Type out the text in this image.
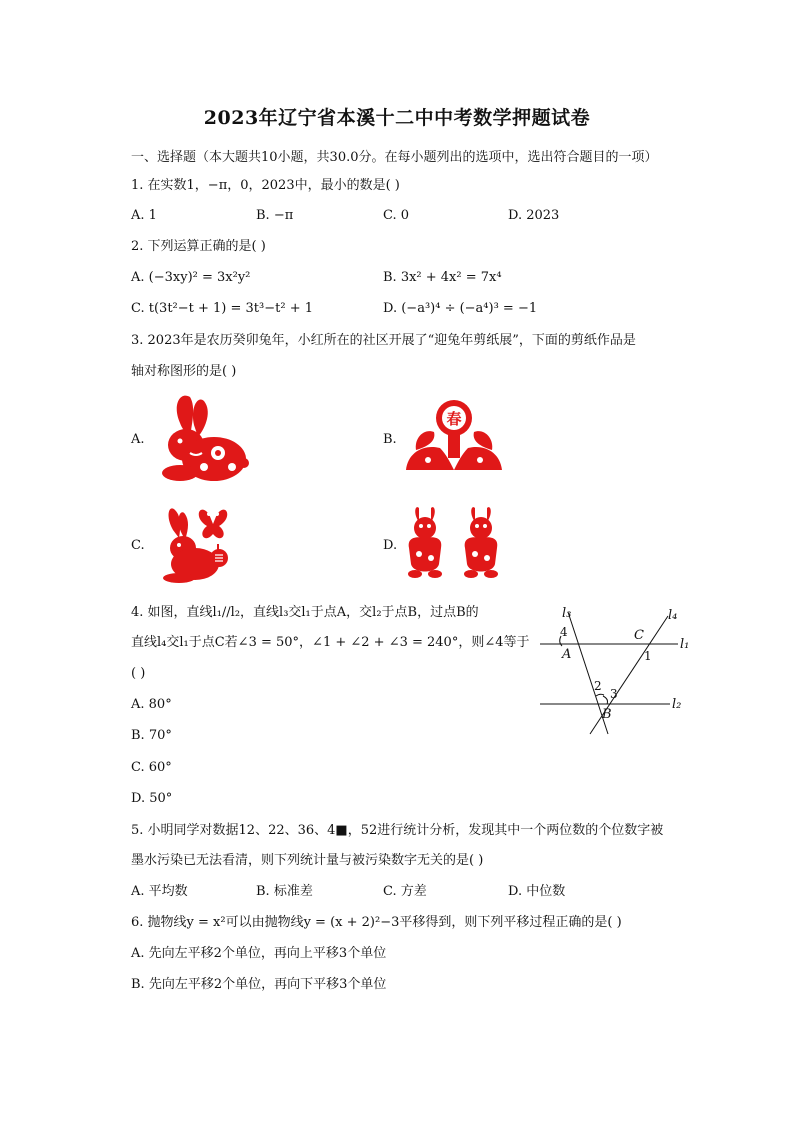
2023年辽宁省本溪十二中中考数学押题试卷
一、选择题（本大题共10小题，共30.0分。在每小题列出的选项中，选出符合题目的一项）
1. 在实数1，−π，0，2023中，最小的数是( )
A. 1	B. −π	C. 0	D. 2023
2. 下列运算正确的是( )
A. (−3xy)² = 3x²y²	B. 3x² + 4x² = 7x⁴
C. t(3t²−t + 1) = 3t³−t² + 1	D. (−a³)⁴ ÷ (−a⁴)³ = −1
3. 2023年是农历癸卯兔年，小红所在的社区开展了“迎兔年剪纸展”，下面的剪纸作品是
轴对称图形的是( )
A.	B.
C.	D.
春
4. 如图，直线l₁//l₂，直线l₃交l₁于点A，交l₂于点B，过点B的
直线l₄交l₁于点C若∠3 = 50°，∠1 + ∠2 + ∠3 = 240°，则∠4等于
( )
A. 80°
B. 70°
C. 60°
D. 50°
l₃	l₄
l₁
l₂
4
1
2
3
A
C
B
5. 小明同学对数据12、22、36、4■，52进行统计分析，发现其中一个两位数的个位数字被
墨水污染已无法看清，则下列统计量与被污染数字无关的是( )
A. 平均数	B. 标准差	C. 方差	D. 中位数
6. 抛物线y = x²可以由抛物线y = (x + 2)²−3平移得到，则下列平移过程正确的是( )
A. 先向左平移2个单位，再向上平移3个单位
B. 先向左平移2个单位，再向下平移3个单位
